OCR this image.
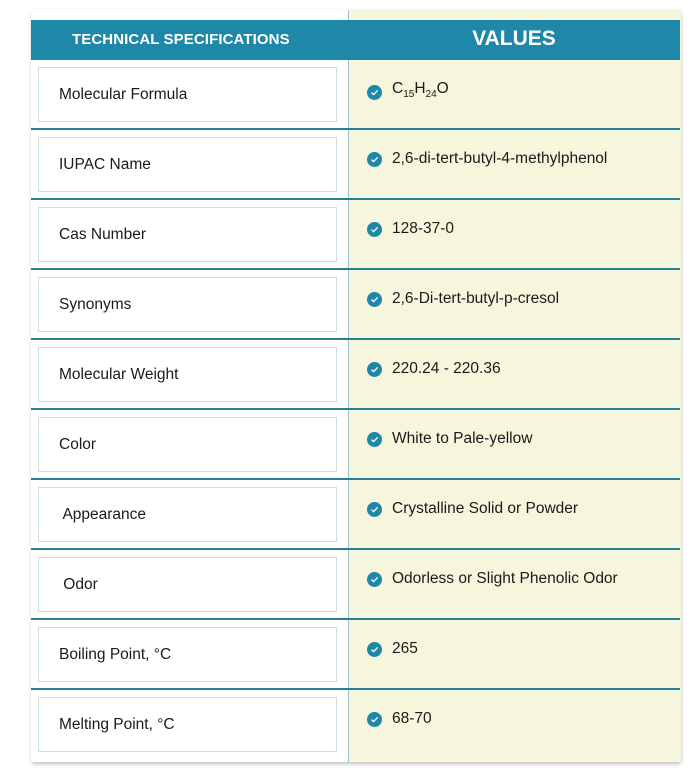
TECHNICAL SPECIFICATIONS	VALUES
Molecular Formula	$C_{15}H_{24}O$
IUPAC Name	2,6-di-tert-butyl-4-methylphenol
Cas Number	128-37-0
Synonyms	2,6-Di-tert-butyl-p-cresol
Molecular Weight	220.24 - 220.36
Color	White to Pale-yellow
Appearance	Crystalline Solid or Powder
Odor	Odorless or Slight Phenolic Odor
Boiling Point, °C	265
Melting Point, °C	68-70
